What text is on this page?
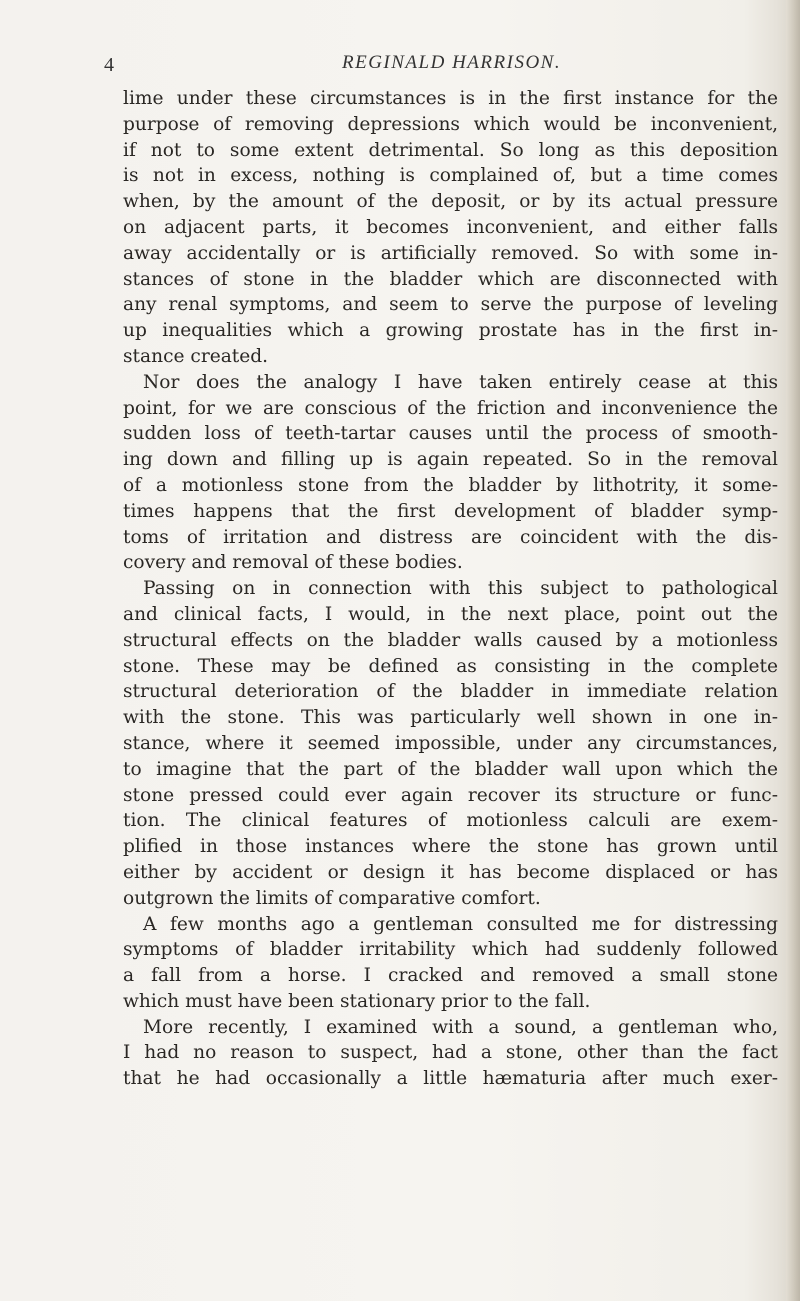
4	REGINALD HARRISON.
lime under these circumstances is in the first instance for the
purpose of removing depressions which would be inconvenient,
if not to some extent detrimental. So long as this deposition
is not in excess, nothing is complained of, but a time comes
when, by the amount of the deposit, or by its actual pressure
on adjacent parts, it becomes inconvenient, and either falls
away accidentally or is artificially removed. So with some in-
stances of stone in the bladder which are disconnected with
any renal symptoms, and seem to serve the purpose of leveling
up inequalities which a growing prostate has in the first in-
stance created.
Nor does the analogy I have taken entirely cease at this
point, for we are conscious of the friction and inconvenience the
sudden loss of teeth-tartar causes until the process of smooth-
ing down and filling up is again repeated. So in the removal
of a motionless stone from the bladder by lithotrity, it some-
times happens that the first development of bladder symp-
toms of irritation and distress are coincident with the dis-
covery and removal of these bodies.
Passing on in connection with this subject to pathological
and clinical facts, I would, in the next place, point out the
structural effects on the bladder walls caused by a motionless
stone. These may be defined as consisting in the complete
structural deterioration of the bladder in immediate relation
with the stone. This was particularly well shown in one in-
stance, where it seemed impossible, under any circumstances,
to imagine that the part of the bladder wall upon which the
stone pressed could ever again recover its structure or func-
tion. The clinical features of motionless calculi are exem-
plified in those instances where the stone has grown until
either by accident or design it has become displaced or has
outgrown the limits of comparative comfort.
A few months ago a gentleman consulted me for distressing
symptoms of bladder irritability which had suddenly followed
a fall from a horse. I cracked and removed a small stone
which must have been stationary prior to the fall.
More recently, I examined with a sound, a gentleman who,
I had no reason to suspect, had a stone, other than the fact
that he had occasionally a little hæmaturia after much exer-
